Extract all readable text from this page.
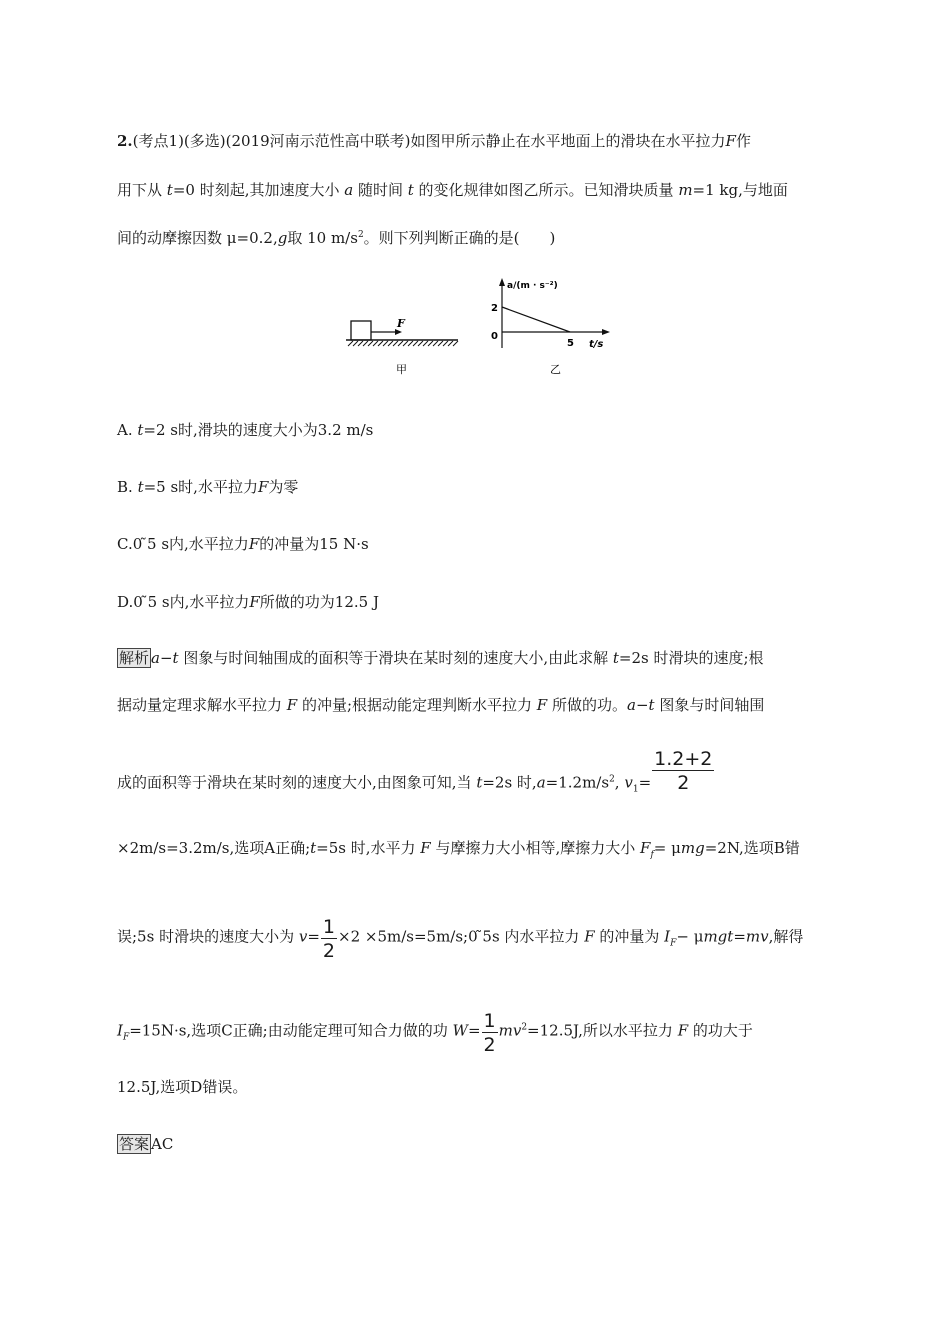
2.(考点1)(多选)(2019河南示范性高中联考)如图甲所示静止在水平地面上的滑块在水平拉力F作
用下从 t=0 时刻起,其加速度大小 a 随时间 t 的变化规律如图乙所示。已知滑块质量 m=1 kg,与地面
间的动摩擦因数 μ=0.2,g取 10 $m/s^2$。则下列判断正确的是(　　)
F
甲
2
5
a/(m · s⁻²)
t/s
0
乙
A. t=2 s时,滑块的速度大小为3.2 m/s
B. t=5 s时,水平拉力F为零
C.0 ̃5 s内,水平拉力F的冲量为15 N·s
D.0 ̃5 s内,水平拉力F所做的功为12.5 J
解析 a−t 图象与时间轴围成的面积等于滑块在某时刻的速度大小,由此求解 t=2s 时滑块的速度;根
据动量定理求解水平拉力 F 的冲量;根据动能定理判断水平拉力 F 所做的功。a−t 图象与时间轴围
成的面积等于滑块在某时刻的速度大小,由图象可知,当 t=2s 时$,a=1.2m/s^2$, $v_1= \frac{1.2+2}{2}$
×2m/s=3.2m/s,选项A正确;t=5s 时,水平力 F 与摩擦力大小相等,摩擦力大小 $F_f= \mu mg=2N$,选项B错
误;5s 时滑块的速度大小为 $v= \frac{1}{2} \times 2$ ×5m/s=5m/s;0 ̃5s 内水平拉力 F 的冲量为 $I_F- \mu mgt=mv$,解得
$I_F=15N\cdot s$,选项C正确;由动能定理可知合力做的功 $W= \frac{1}{2} mv^2=12.5J$,所以水平拉力 F 的功大于
12.5J,选项D错误。
答案 AC
